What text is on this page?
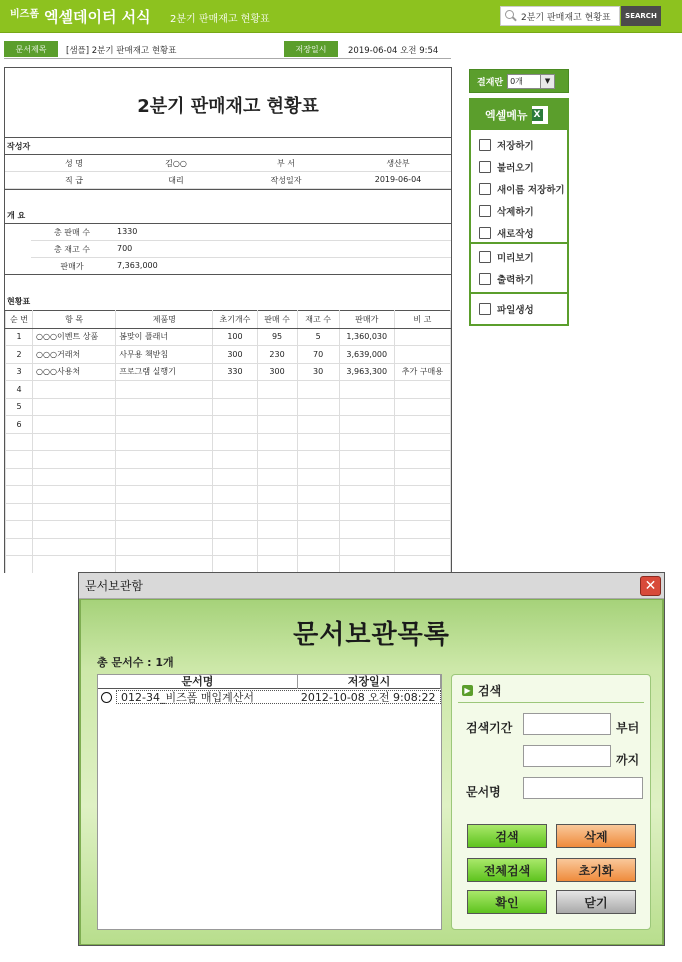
비즈폼 엑셀데이터 서식 2분기 판매재고 현황표
2분기 판매재고 현황표	SEARCH
문서제목	[샘플] 2분기 판매재고 현황표	저장일시	2019-06-04 오전 9:54
2분기 판매재고 현황표
작성자
성 명	김○○	부 서	생산부
직 급	대리	작성일자	2019-06-04
개 요
총 판매 수	1330
총 재고 수	700
판매가	7,363,000
현황표
순 번	항 목	제품명	초기개수	판매 수	재고 수	판매가	비 고
1	○○○이벤트 상품	봄맞이 플래너	100	95	5	1,360,030	
2	○○○거래처	사무용 책받침	300	230	70	3,639,000	
3	○○○사용처	프로그램 실행기	330	300	30	3,963,300	추가 구매용
4							
5							
6							

결재란 0개	▼
엑셀메뉴
X
저장하기
불러오기
새이름 저장하기
삭제하기
새로작성
미리보기
출력하기
파일생성
문서보관함	✕
문서보관목록
총 문서수 : 1개
문서명	저장일시
012-34_비즈폼 매입계산서	2012-10-08 오전 9:08:22
▶ 검색
검색기간	부터
까지
문서명
검색	삭제
전체검색	초기화
확인	닫기
